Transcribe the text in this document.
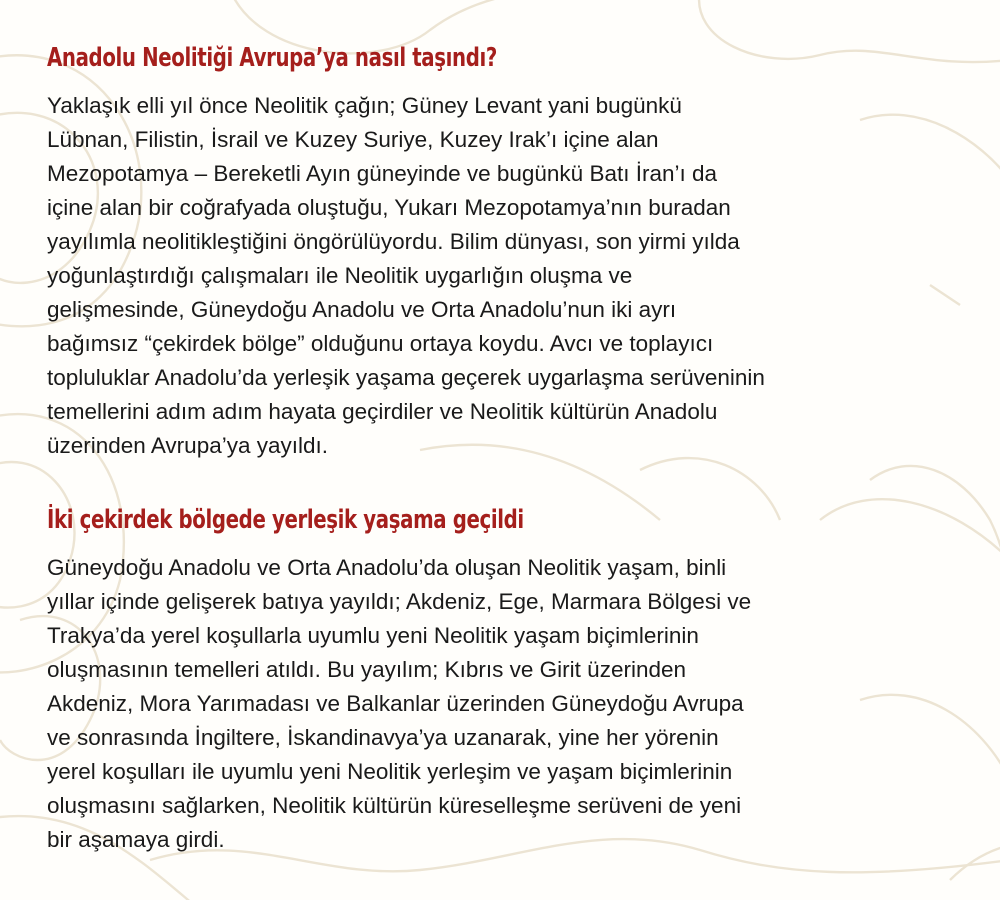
Anadolu Neolitiği Avrupa’ya nasıl taşındı?

Yaklaşık elli yıl önce Neolitik çağın; Güney Levant yani bugünkü
Lübnan, Filistin, İsrail ve Kuzey Suriye, Kuzey Irak’ı içine alan
Mezopotamya – Bereketli Ayın güneyinde ve bugünkü Batı İran’ı da
içine alan bir coğrafyada oluştuğu, Yukarı Mezopotamya’nın buradan
yayılımla neolitikleştiğini öngörülüyordu. Bilim dünyası, son yirmi yılda
yoğunlaştırdığı çalışmaları ile Neolitik uygarlığın oluşma ve
gelişmesinde, Güneydoğu Anadolu ve Orta Anadolu’nun iki ayrı
bağımsız “çekirdek bölge” olduğunu ortaya koydu. Avcı ve toplayıcı
topluluklar Anadolu’da yerleşik yaşama geçerek uygarlaşma serüveninin
temellerini adım adım hayata geçirdiler ve Neolitik kültürün Anadolu
üzerinden Avrupa’ya yayıldı.

İki çekirdek bölgede yerleşik yaşama geçildi

Güneydoğu Anadolu ve Orta Anadolu’da oluşan Neolitik yaşam, binli
yıllar içinde gelişerek batıya yayıldı; Akdeniz, Ege, Marmara Bölgesi ve
Trakya’da yerel koşullarla uyumlu yeni Neolitik yaşam biçimlerinin
oluşmasının temelleri atıldı. Bu yayılım; Kıbrıs ve Girit üzerinden
Akdeniz, Mora Yarımadası ve Balkanlar üzerinden Güneydoğu Avrupa
ve sonrasında İngiltere, İskandinavya’ya uzanarak, yine her yörenin
yerel koşulları ile uyumlu yeni Neolitik yerleşim ve yaşam biçimlerinin
oluşmasını sağlarken, Neolitik kültürün küreselleşme serüveni de yeni
bir aşamaya girdi.
